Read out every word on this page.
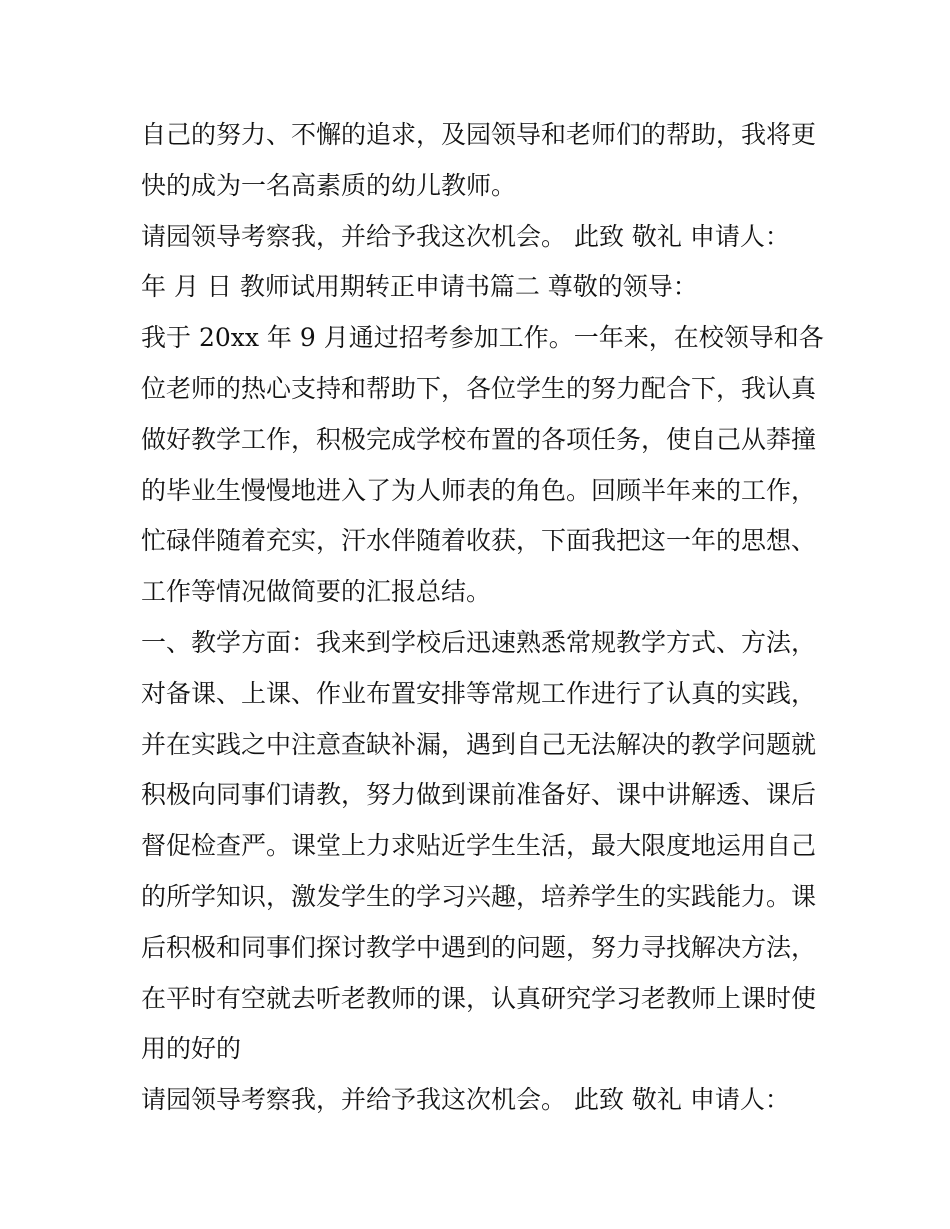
自己的努力、不懈的追求，及园领导和老师们的帮助，我将更
快的成为一名高素质的幼儿教师。
请园领导考察我，并给予我这次机会。 此致 敬礼 申请人：
年 月 日 教师试用期转正申请书篇二 尊敬的领导：
我于 20xx 年 9 月通过招考参加工作。一年来，在校领导和各
位老师的热心支持和帮助下，各位学生的努力配合下，我认真
做好教学工作，积极完成学校布置的各项任务，使自己从莽撞
的毕业生慢慢地进入了为人师表的角色。回顾半年来的工作，
忙碌伴随着充实，汗水伴随着收获，下面我把这一年的思想、
工作等情况做简要的汇报总结。
一、教学方面：我来到学校后迅速熟悉常规教学方式、方法，
对备课、上课、作业布置安排等常规工作进行了认真的实践，
并在实践之中注意查缺补漏，遇到自己无法解决的教学问题就
积极向同事们请教，努力做到课前准备好、课中讲解透、课后
督促检查严。课堂上力求贴近学生生活，最大限度地运用自己
的所学知识，激发学生的学习兴趣，培养学生的实践能力。课
后积极和同事们探讨教学中遇到的问题，努力寻找解决方法，
在平时有空就去听老教师的课，认真研究学习老教师上课时使
用的好的
请园领导考察我，并给予我这次机会。 此致 敬礼 申请人：
